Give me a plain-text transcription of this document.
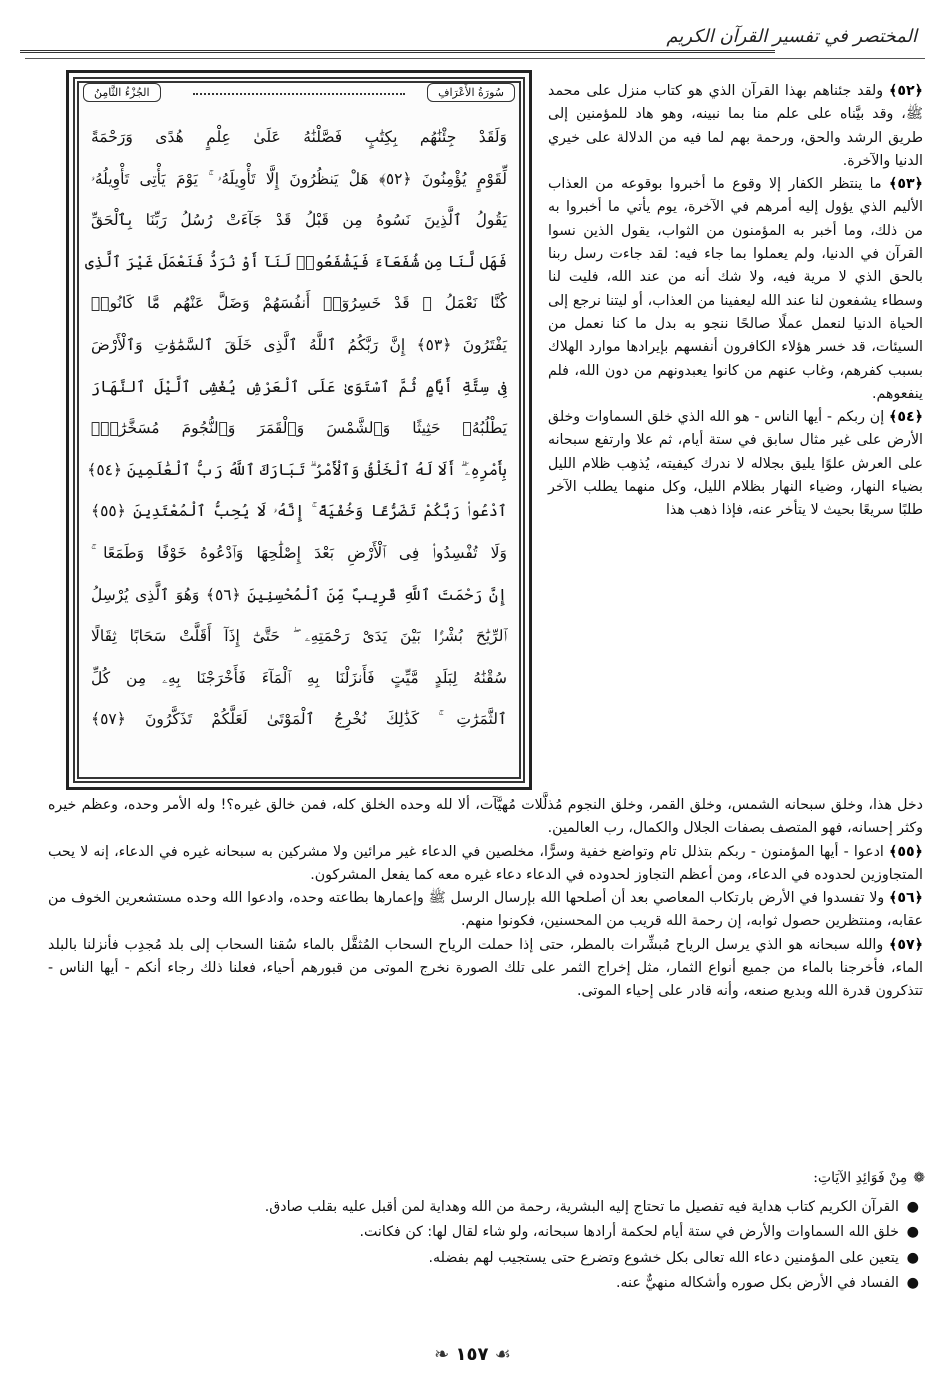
المختصر في تفسير القرآن الكريم
سُورَةُ الأَعْرَافِ
الجُزْءُ الثَّامِنُ
وَلَقَدْ جِئْنَٰهُم بِكِتَٰبٍ فَصَّلْنَٰهُ عَلَىٰ عِلْمٍ هُدًى وَرَحْمَةً
لِّقَوْمٍ يُؤْمِنُونَ ﴿٥٢﴾ هَلْ يَنظُرُونَ إِلَّا تَأْوِيلَهُۥ ۚ يَوْمَ يَأْتِى تَأْوِيلُهُۥ
يَقُولُ ٱلَّذِينَ نَسُوهُ مِن قَبْلُ قَدْ جَآءَتْ رُسُلُ رَبِّنَا بِٱلْحَقِّ
فَهَل لَّنَا مِن شُفَعَآءَ فَيَشْفَعُوا۟ لَنَآ أَوْ نُرَدُّ فَنَعْمَلَ غَيْرَ ٱلَّذِى
كُنَّا نَعْمَلُ ۚ قَدْ خَسِرُوٓا۟ أَنفُسَهُمْ وَضَلَّ عَنْهُم مَّا كَانُوا۟
يَفْتَرُونَ ﴿٥٣﴾ إِنَّ رَبَّكُمُ ٱللَّهُ ٱلَّذِى خَلَقَ ٱلسَّمَٰوَٰتِ وَٱلْأَرْضَ
فِى سِتَّةِ أَيَّامٍ ثُمَّ ٱسْتَوَىٰ عَلَى ٱلْعَرْشِ يُغْشِى ٱلَّيْلَ ٱلنَّهَارَ
يَطْلُبُهُۥ حَثِيثًا وَٱلشَّمْسَ وَٱلْقَمَرَ وَٱلنُّجُومَ مُسَخَّرَٰتٍۭ
بِأَمْرِهِۦٓ ۗ أَلَا لَهُ ٱلْخَلْقُ وَٱلْأَمْرُ ۗ تَبَارَكَ ٱللَّهُ رَبُّ ٱلْعَٰلَمِينَ ﴿٥٤﴾
ٱدْعُوا۟ رَبَّكُمْ تَضَرُّعًا وَخُفْيَةً ۚ إِنَّهُۥ لَا يُحِبُّ ٱلْمُعْتَدِينَ ﴿٥٥﴾
وَلَا تُفْسِدُوا۟ فِى ٱلْأَرْضِ بَعْدَ إِصْلَٰحِهَا وَٱدْعُوهُ خَوْفًا وَطَمَعًا ۚ
إِنَّ رَحْمَتَ ٱللَّهِ قَرِيبٌ مِّنَ ٱلْمُحْسِنِينَ ﴿٥٦﴾ وَهُوَ ٱلَّذِى يُرْسِلُ
ٱلرِّيَٰحَ بُشْرًۢا بَيْنَ يَدَىْ رَحْمَتِهِۦ ۖ حَتَّىٰٓ إِذَآ أَقَلَّتْ سَحَابًا ثِقَالًا
سُقْنَٰهُ لِبَلَدٍ مَّيِّتٍ فَأَنزَلْنَا بِهِ ٱلْمَآءَ فَأَخْرَجْنَا بِهِۦ مِن كُلِّ
ٱلثَّمَرَٰتِ ۚ كَذَٰلِكَ نُخْرِجُ ٱلْمَوْتَىٰ لَعَلَّكُمْ تَذَكَّرُونَ ﴿٥٧﴾

﴿٥٢﴾ ولقد جئناهم بهذا القرآن الذي هو كتاب منزل على محمد ﷺ، وقد بيَّناه على علم منا بما نبينه، وهو هاد للمؤمنين إلى طريق الرشد والحق، ورحمة بهم لما فيه من الدلالة على خيري الدنيا والآخرة.

﴿٥٣﴾ ما ينتظر الكفار إلا وقوع ما أخبروا بوقوعه من العذاب الأليم الذي يؤول إليه أمرهم في الآخرة، يوم يأتي ما أخبروا به من ذلك، وما أخبر به المؤمنون من الثواب، يقول الذين نسوا القرآن في الدنيا، ولم يعملوا بما جاء فيه: لقد جاءت رسل ربنا بالحق الذي لا مرية فيه، ولا شك أنه من عند الله، فليت لنا وسطاء يشفعون لنا عند الله ليعفينا من العذاب، أو ليتنا نرجع إلى الحياة الدنيا لنعمل عملًا صالحًا ننجو به بدل ما كنا نعمل من السيئات، قد خسر هؤلاء الكافرون أنفسهم بإيرادها موارد الهلاك بسبب كفرهم، وغاب عنهم من كانوا يعبدونهم من دون الله، فلم ينفعوهم.

﴿٥٤﴾ إن ربكم - أيها الناس - هو الله الذي خلق السماوات وخلق الأرض على غير مثال سابق في ستة أيام، ثم علا وارتفع سبحانه على العرش علوًا يليق بجلاله لا ندرك كيفيته، يُذهِب ظلام الليل بضياء النهار، وضياء النهار بظلام الليل، وكل منهما يطلب الآخر طلبًا سريعًا بحيث لا يتأخر عنه، فإذا ذهب هذا

دخل هذا، وخلق سبحانه الشمس، وخلق القمر، وخلق النجوم مُذلَّلات مُهيَّآت، ألا لله وحده الخلق كله، فمن خالق غيره؟! وله الأمر وحده، وعظم خيره وكثر إحسانه، فهو المتصف بصفات الجلال والكمال، رب العالمين.

﴿٥٥﴾ ادعوا - أيها المؤمنون - ربكم بتذلل تام وتواضع خفية وسرًّا، مخلصين في الدعاء غير مرائين ولا مشركين به سبحانه غيره في الدعاء، إنه لا يحب المتجاوزين لحدوده في الدعاء، ومن أعظم التجاوز لحدوده في الدعاء دعاء غيره معه كما يفعل المشركون.

﴿٥٦﴾ ولا تفسدوا في الأرض بارتكاب المعاصي بعد أن أصلحها الله بإرسال الرسل ﷺ وإعمارها بطاعته وحده، وادعوا الله وحده مستشعرين الخوف من عقابه، ومنتظرين حصول ثوابه، إن رحمة الله قريب من المحسنين، فكونوا منهم.

﴿٥٧﴾ والله سبحانه هو الذي يرسل الرياح مُبشِّرات بالمطر، حتى إذا حملت الرياح السحاب المُثقَّل بالماء سُقنا السحاب إلى بلد مُجدِب فأنزلنا بالبلد الماء، فأخرجنا بالماء من جميع أنواع الثمار، مثل إخراج الثمر على تلك الصورة نخرج الموتى من قبورهم أحياء، فعلنا ذلك رجاء أنكم - أيها الناس - تتذكرون قدرة الله وبديع صنعه، وأنه قادر على إحياء الموتى.

❁مِنْ فَوَائِدِ الآيَاتِ:
●
القرآن الكريم كتاب هداية فيه تفصيل ما تحتاج إليه البشرية، رحمة من الله وهداية لمن أقبل عليه بقلب صادق.
●
خلق الله السماوات والأرض في ستة أيام لحكمة أرادها سبحانه، ولو شاء لقال لها: كن فكانت.
●
يتعين على المؤمنين دعاء الله تعالى بكل خشوع وتضرع حتى يستجيب لهم بفضله.
●
الفساد في الأرض بكل صوره وأشكاله منهيٌّ عنه.
❧ ١٥٧ ☙
